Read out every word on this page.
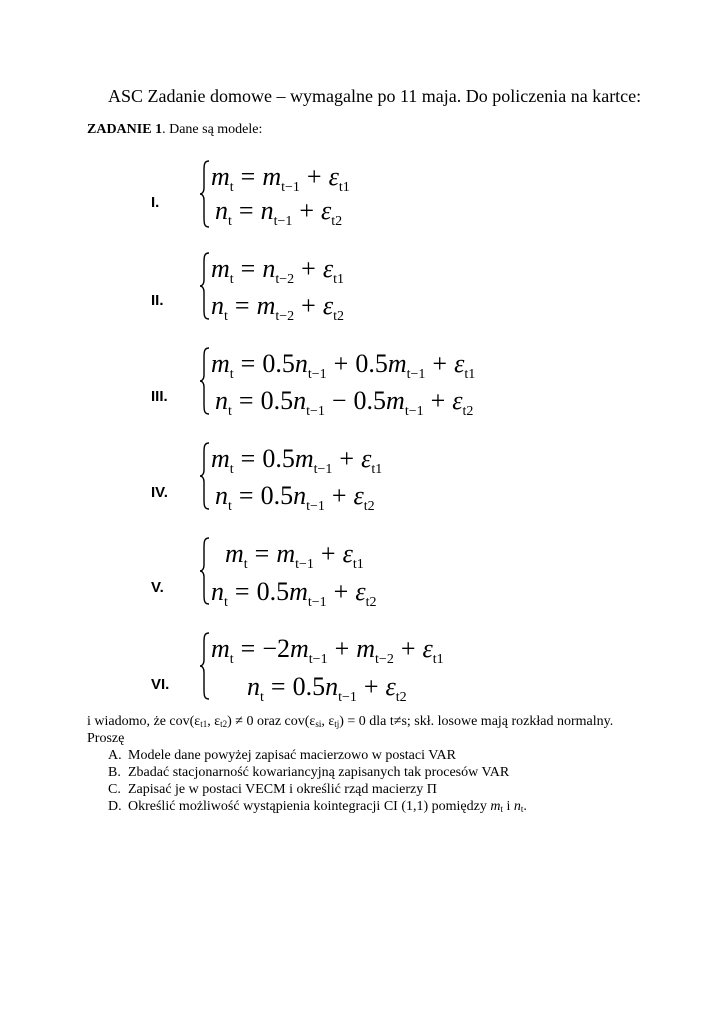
ASC Zadanie domowe – wymagalne po 11 maja. Do policzenia na kartce:
ZADANIE 1. Dane są modele:
I.
$m_t = m_{t-1} + \varepsilon_{t1}$
$n_t = n_{t-1} + \varepsilon_{t2}$
II.
$m_t = n_{t-2} + \varepsilon_{t1}$
$n_t = m_{t-2} + \varepsilon_{t2}$
III.
$m_t = 0.5n_{t-1} + 0.5m_{t-1} + \varepsilon_{t1}$
$n_t = 0.5n_{t-1} - 0.5m_{t-1} + \varepsilon_{t2}$
IV.
$m_t = 0.5m_{t-1} + \varepsilon_{t1}$
$n_t = 0.5n_{t-1} + \varepsilon_{t2}$
V.
$m_t = m_{t-1} + \varepsilon_{t1}$
$n_t = 0.5m_{t-1} + \varepsilon_{t2}$
VI.
$m_t = -2m_{t-1} + m_{t-2} + \varepsilon_{t1}$
$n_t = 0.5n_{t-1} + \varepsilon_{t2}$
i wiadomo, że $cov(\varepsilon_{t1}$, $\varepsilon_{t2}) \ne 0$ oraz $cov(\varepsilon_{si}$, $\varepsilon_{tj}) = 0$ dla t≠s; skł. losowe mają rozkład normalny.
Proszę
A. Modele dane powyżej zapisać macierzowo w postaci VAR
B. Zbadać stacjonarność kowariancyjną zapisanych tak procesów VAR
C. Zapisać je w postaci VECM i określić rząd macierzy Π
D. Określić możliwość wystąpienia kointegracji CI (1,1) pomiędzy $m_t$ i $n_t$.
